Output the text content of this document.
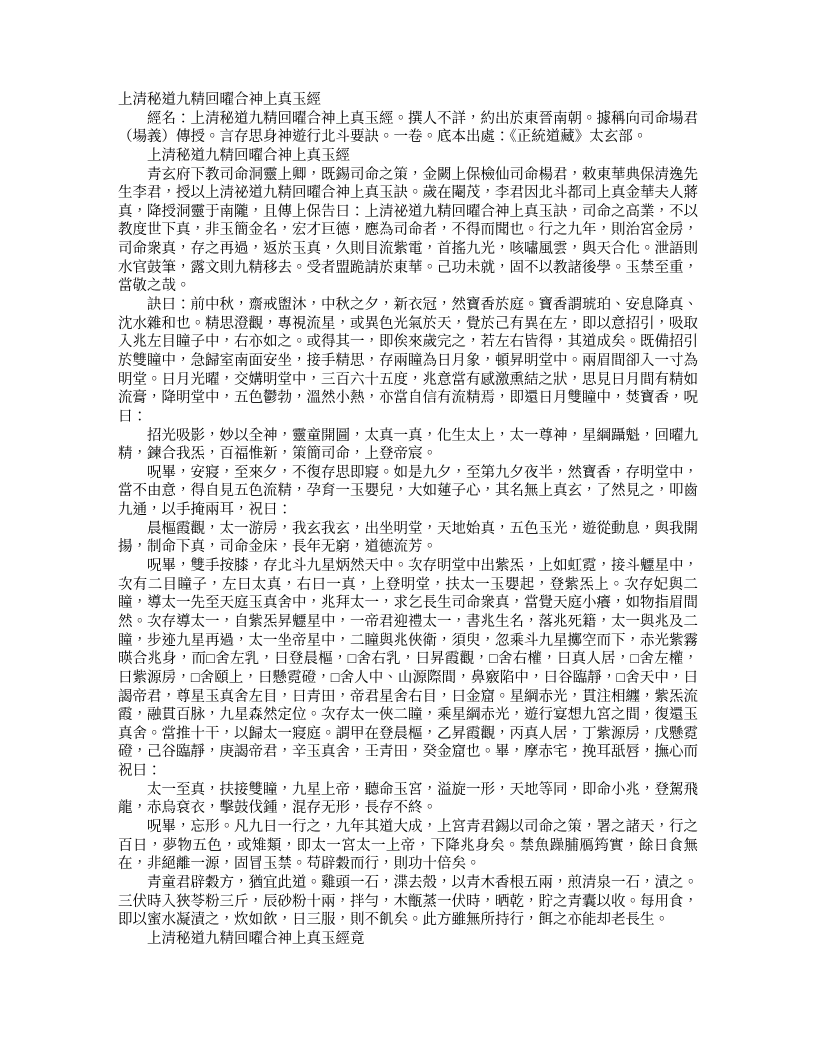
上清秘道九精回曜合神上真玉經

經名：上清秘道九精回曜合神上真玉經。撰人不詳，約出於東晉南朝。據稱向司命場君（場義）傳授。言存思身神遊行北斗要訣。一卷。底本出處：《正統道藏》太玄部。

上清秘道九精回曜合神上真玉經

青玄府下教司命洞靈上卿，既錫司命之策，金闕上保檢仙司命楊君，敕東華典保清逸先生李君，授以上清祕道九精回曜合神上真玉訣。歲在閹茂，李君因北斗都司上真金華夫人蔣真，降授洞靈于南隴，且傳上保告曰：上清祕道九精回曜合神上真玉訣，司命之高業，不以教度世下真，非玉簡金名，宏才巨德，應為司命者，不得而聞也。行之九年，則治宮金房，司命衆真，存之再過，返於玉真，久則目流紫電，首搖九光，咳嘯風雲，與天合化。泄語則水官鼓筆，露文則九精移去。受者盟跪請於東華。己功未就，固不以教諸後學。玉禁至重，當敬之哉。

訣曰：前中秋，齋戒盥沐，中秋之夕，新衣冠，然寶香於庭。寶香謂琥珀、安息降真、沈水雜和也。精思澄觀，專視流星，或異色光氣於天，覺於己有異在左，即以意招引，吸取入兆左目瞳子中，右亦如之。或得其一，即俟來歲完之，若左右皆得，其道成矣。既備招引於雙瞳中，急歸室南面安坐，接手精思，存兩瞳為日月象，頓昇明堂中。兩眉間卻入一寸為明堂。日月光曜，交媾明堂中，三百六十五度，兆意當有感激熏結之狀，思見日月間有精如流膏，降明堂中，五色鬱勃，溫然小熱，亦當自信有流精焉，即還日月雙瞳中，焚寶香，呪曰：

招光吸影，妙以全神，靈童開圖，太真一真，化生太上，太一尊神，星綱躡魁，回曜九精，鍊合我炁，百福惟新，策簡司命，上登帝宸。

呪畢，安寢，至來夕，不復存思即寢。如是九夕，至第九夕夜半，然寶香，存明堂中，當不由意，得自見五色流精，孕育一玉嬰兒，大如蓮子心，其名無上真玄，了然見之，叩齒九通，以手掩兩耳，祝曰：

晨樞霞觀，太一游房，我玄我玄，出坐明堂，天地始真，五色玉光，遊從動息，與我開揚，制命下真，司命金床，長年无窮，道德流芳。

呪畢，雙手按膝，存北斗九星炳然天中。次存明堂中出紫炁，上如虹霓，接斗魒星中，次有二目瞳子，左曰太真，右曰一真，上登明堂，扶太一玉嬰起，登紫炁上。次存妃與二瞳，導太一先至天庭玉真舍中，兆拜太一，求乞長生司命衆真，當覺天庭小癢，如物指眉間然。次存導太一，自紫炁昇魒星中，一帝君迎禮太一，書兆生名，落兆死籍，太一與兆及二瞳，步迹九星再過，太一坐帝星中，二瞳與兆俠衛，須臾，忽乘斗九星擲空而下，赤光紫霧暎合兆身，而□舍左乳，曰登晨樞，□舍右乳，曰昇霞觀，□舍右權，曰真人居，□舍左權，曰紫源房，□舍頤上，曰懸霓磴，□舍人中、山源際間，鼻竅陷中，曰谷臨靜，□舍天中，曰謁帝君，尊星玉真舍左目，曰青田，帝君星舍右目，曰金窟。星綱赤光，貫注相纏，紫炁流霞，融貫百脉，九星森然定位。次存太一俠二瞳，乘星綱赤光，遊行宴想九宮之間，復還玉真舍。當推十干，以歸太一寢庭。謂甲在登晨樞，乙昇霞觀，丙真人居，丁紫源房，戊懸霓磴，己谷臨靜，庚謁帝君，辛玉真舍，壬青田，癸金窟也。畢，摩赤宅，挽耳舐唇，撫心而祝曰：

太一至真，扶接雙瞳，九星上帝，聽命玉宮，溢旋一形，天地等同，即命小兆，登駕飛龍，赤烏袞衣，擊鼓伐鍾，混存无形，長存不終。

呪畢，忘形。凡九日一行之，九年其道大成，上宮青君錫以司命之策，署之諸天，行之百日，夢物五色，或雉類，即太一宮太一上帝，下降兆身矣。禁魚躁脯鴈筠實，餘日食無在，非絕離一源，固冒玉禁。苟辟穀而行，則功十倍矣。

青童君辟穀方，猶宜此道。雞頭一石，渫去殼，以青木香根五兩，煎清泉一石，漬之。三伏時入狹苓粉三斤，辰砂粉十兩，拌勻，木甑蒸一伏時，晒乾，貯之青囊以收。每用食，即以蜜水凝漬之，炊如飲，日三服，則不飢矣。此方雖無所持行，餌之亦能却老長生。

上清秘道九精回曜合神上真玉經竟
